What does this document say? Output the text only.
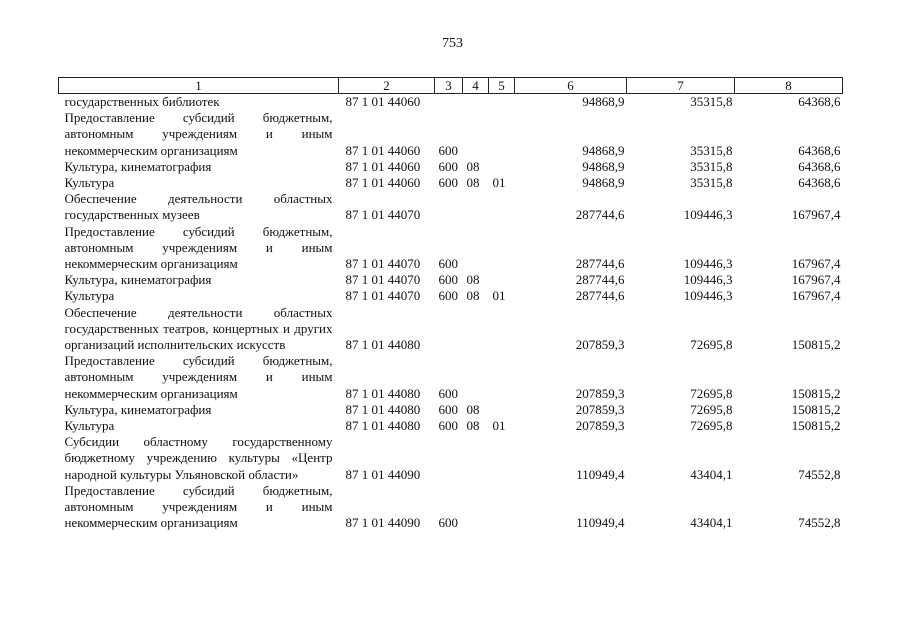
753
1	2	3	4	5	6	7	8
государственных библиотек	87 1 01 44060				94868,9	35315,8	64368,6
Предоставление субсидий бюджетным, автономным учреждениям и иным некоммерческим организациям	87 1 01 44060	600			94868,9	35315,8	64368,6
Культура, кинематография	87 1 01 44060	600	08		94868,9	35315,8	64368,6
Культура	87 1 01 44060	600	08	01	94868,9	35315,8	64368,6
Обеспечение деятельности областных государственных музеев	87 1 01 44070				287744,6	109446,3	167967,4
Предоставление субсидий бюджетным, автономным учреждениям и иным некоммерческим организациям	87 1 01 44070	600			287744,6	109446,3	167967,4
Культура, кинематография	87 1 01 44070	600	08		287744,6	109446,3	167967,4
Культура	87 1 01 44070	600	08	01	287744,6	109446,3	167967,4
Обеспечение деятельности областных государственных театров, концертных и других организаций исполнительских искусств	87 1 01 44080				207859,3	72695,8	150815,2
Предоставление субсидий бюджетным, автономным учреждениям и иным некоммерческим организациям	87 1 01 44080	600			207859,3	72695,8	150815,2
Культура, кинематография	87 1 01 44080	600	08		207859,3	72695,8	150815,2
Культура	87 1 01 44080	600	08	01	207859,3	72695,8	150815,2
Субсидии областному государственному бюджетному учреждению культуры «Центр народной культуры Ульяновской области»	87 1 01 44090				110949,4	43404,1	74552,8
Предоставление субсидий бюджетным, автономным учреждениям и иным некоммерческим организациям	87 1 01 44090	600			110949,4	43404,1	74552,8
